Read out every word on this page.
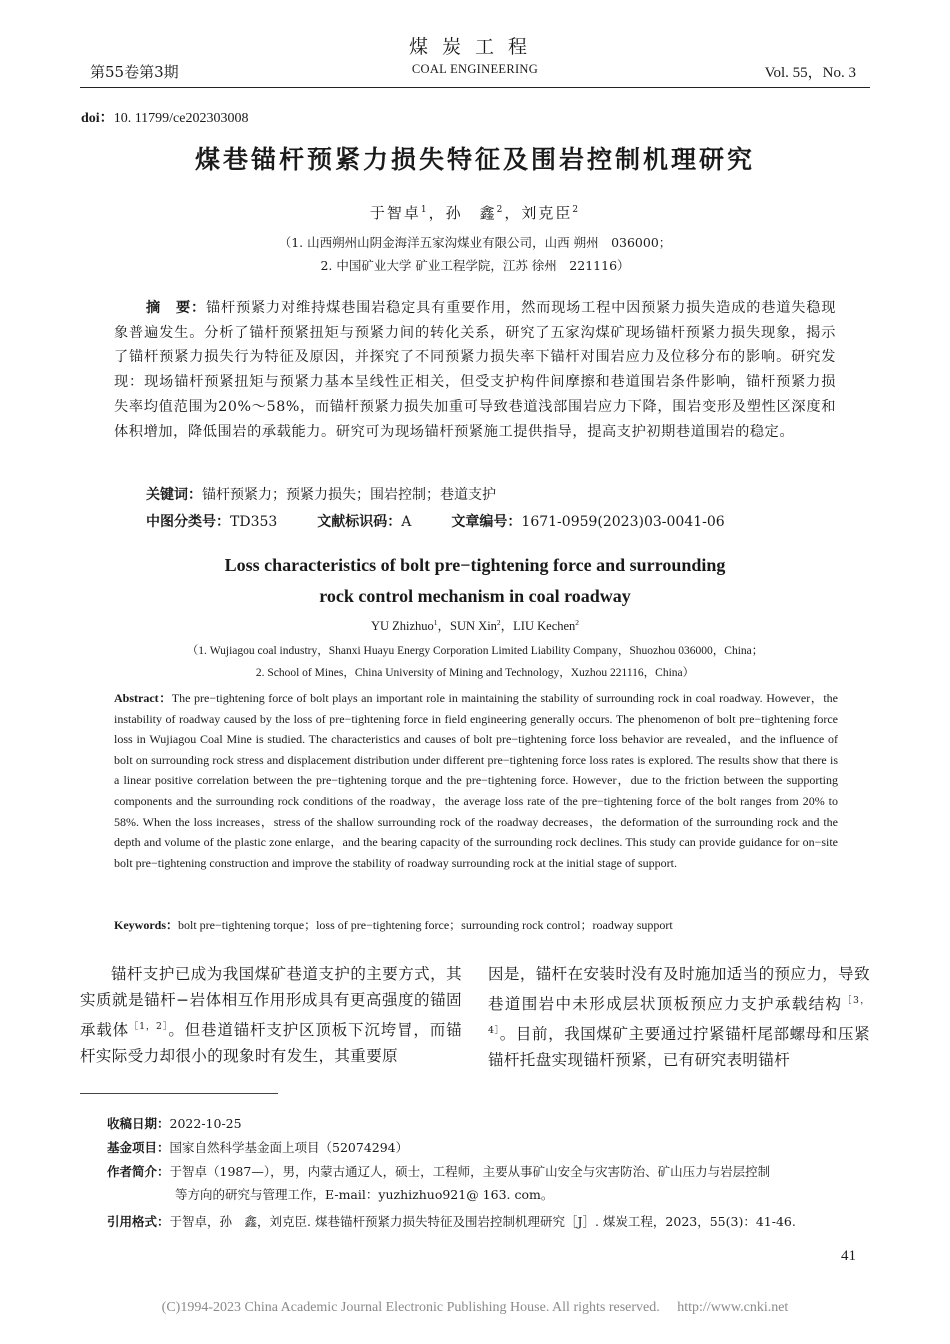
煤炭工程
COAL ENGINEERING
第55卷第3期	Vol. 55，No. 3
doi：10. 11799/ce202303008
煤巷锚杆预紧力损失特征及围岩控制机理研究
于智卓$^1$，孙　鑫$^2$，刘克臣$^2$
（1. 山西朔州山阴金海洋五家沟煤业有限公司，山西 朔州　036000；
2. 中国矿业大学 矿业工程学院，江苏 徐州　221116）
摘　要：锚杆预紧力对维持煤巷围岩稳定具有重要作用，然而现场工程中因预紧力损失造成的巷道失稳现象普遍发生。分析了锚杆预紧扭矩与预紧力间的转化关系，研究了五家沟煤矿现场锚杆预紧力损失现象，揭示了锚杆预紧力损失行为特征及原因，并探究了不同预紧力损失率下锚杆对围岩应力及位移分布的影响。研究发现：现场锚杆预紧扭矩与预紧力基本呈线性正相关，但受支护构件间摩擦和巷道围岩条件影响，锚杆预紧力损失率均值范围为20%～58%，而锚杆预紧力损失加重可导致巷道浅部围岩应力下降，围岩变形及塑性区深度和体积增加，降低围岩的承载能力。研究可为现场锚杆预紧施工提供指导，提高支护初期巷道围岩的稳定。
关键词：锚杆预紧力；预紧力损失；围岩控制；巷道支护
中图分类号：TD353	文献标识码：A	文章编号：1671-0959(2023)03-0041-06
Loss characteristics of bolt pre−tightening force and surrounding
rock control mechanism in coal roadway
YU Zhizhuo$^1$，SUN Xin$^2$，LIU Kechen$^2$
（1. Wujiagou coal industry，Shanxi Huayu Energy Corporation Limited Liability Company，Shuozhou 036000，China；
2. School of Mines，China University of Mining and Technology，Xuzhou 221116，China）
Abstract：The pre−tightening force of bolt plays an important role in maintaining the stability of surrounding rock in coal roadway. However，the instability of roadway caused by the loss of pre−tightening force in field engineering generally occurs. The phenomenon of bolt pre−tightening force loss in Wujiagou Coal Mine is studied. The characteristics and causes of bolt pre−tightening force loss behavior are revealed，and the influence of bolt on surrounding rock stress and displacement distribution under different pre−tightening force loss rates is explored. The results show that there is a linear positive correlation between the pre−tightening torque and the pre−tightening force. However，due to the friction between the supporting components and the surrounding rock conditions of the roadway，the average loss rate of the pre−tightening force of the bolt ranges from 20% to 58%. When the loss increases，stress of the shallow surrounding rock of the roadway decreases，the deformation of the surrounding rock and the depth and volume of the plastic zone enlarge，and the bearing capacity of the surrounding rock declines. This study can provide guidance for on−site bolt pre−tightening construction and improve the stability of roadway surrounding rock at the initial stage of support.
Keywords：bolt pre−tightening torque；loss of pre−tightening force；surrounding rock control；roadway support
锚杆支护已成为我国煤矿巷道支护的主要方式，其实质就是锚杆−岩体相互作用形成具有更高强度的锚固承载体$^{[1,2]}$。但巷道锚杆支护区顶板下沉垮冒，而锚杆实际受力却很小的现象时有发生，其重要原
因是，锚杆在安装时没有及时施加适当的预应力，导致巷道围岩中未形成层状顶板预应力支护承载结构$^{[3,4]}$。目前，我国煤矿主要通过拧紧锚杆尾部螺母和压紧锚杆托盘实现锚杆预紧，已有研究表明锚杆
收稿日期：2022-10-25
基金项目：国家自然科学基金面上项目（52074294）
作者简介：于智卓（1987—），男，内蒙古通辽人，硕士，工程师，主要从事矿山安全与灾害防治、矿山压力与岩层控制
等方向的研究与管理工作，E-mail：yuzhizhuo921@ 163. com。
引用格式：于智卓，孙　鑫，刘克臣. 煤巷锚杆预紧力损失特征及围岩控制机理研究［J］. 煤炭工程，2023，55(3)：41-46.
41
(C)1994-2023 China Academic Journal Electronic Publishing House. All rights reserved.　 http://www.cnki.net
